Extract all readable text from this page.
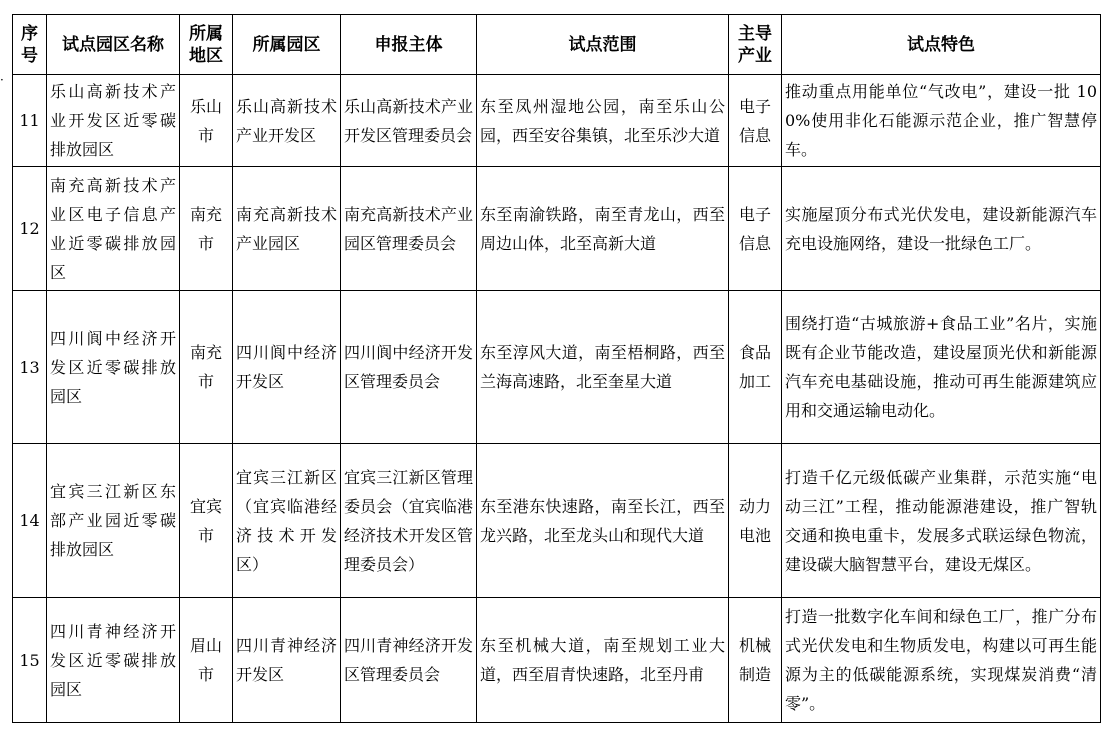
·
序号	试点园区名称	所属地区	所属园区	申报主体	试点范围	主导产业	试点特色
11	乐山高新技术产业开发区近零碳排放园区	乐山市	乐山高新技术产业开发区	乐山高新技术产业开发区管理委员会	东至凤州湿地公园，南至乐山公园，西至安谷集镇，北至乐沙大道	电子信息	推动重点用能单位“气改电”，建设一批 100%使用非化石能源示范企业，推广智慧停车。
12	南充高新技术产业区电子信息产业近零碳排放园区	南充市	南充高新技术产业园区	南充高新技术产业园区管理委员会	东至南渝铁路，南至青龙山，西至周边山体，北至高新大道	电子信息	实施屋顶分布式光伏发电，建设新能源汽车充电设施网络，建设一批绿色工厂。
13	四川阆中经济开发区近零碳排放园区	南充市	四川阆中经济开发区	四川阆中经济开发区管理委员会	东至淳风大道，南至梧桐路，西至兰海高速路，北至奎星大道	食品加工	围绕打造“古城旅游+食品工业”名片，实施既有企业节能改造，建设屋顶光伏和新能源汽车充电基础设施，推动可再生能源建筑应用和交通运输电动化。
14	宜宾三江新区东部产业园近零碳排放园区	宜宾市	宜宾三江新区（宜宾临港经济技术开发区）	宜宾三江新区管理委员会（宜宾临港经济技术开发区管理委员会）	东至港东快速路，南至长江，西至龙兴路，北至龙头山和现代大道	动力电池	打造千亿元级低碳产业集群，示范实施“电动三江”工程，推动能源港建设，推广智轨交通和换电重卡，发展多式联运绿色物流，建设碳大脑智慧平台，建设无煤区。
15	四川青神经济开发区近零碳排放园区	眉山市	四川青神经济开发区	四川青神经济开发区管理委员会	东至机械大道，南至规划工业大道，西至眉青快速路，北至丹甫	机械制造	打造一批数字化车间和绿色工厂，推广分布式光伏发电和生物质发电，构建以可再生能源为主的低碳能源系统，实现煤炭消费“清零”。
